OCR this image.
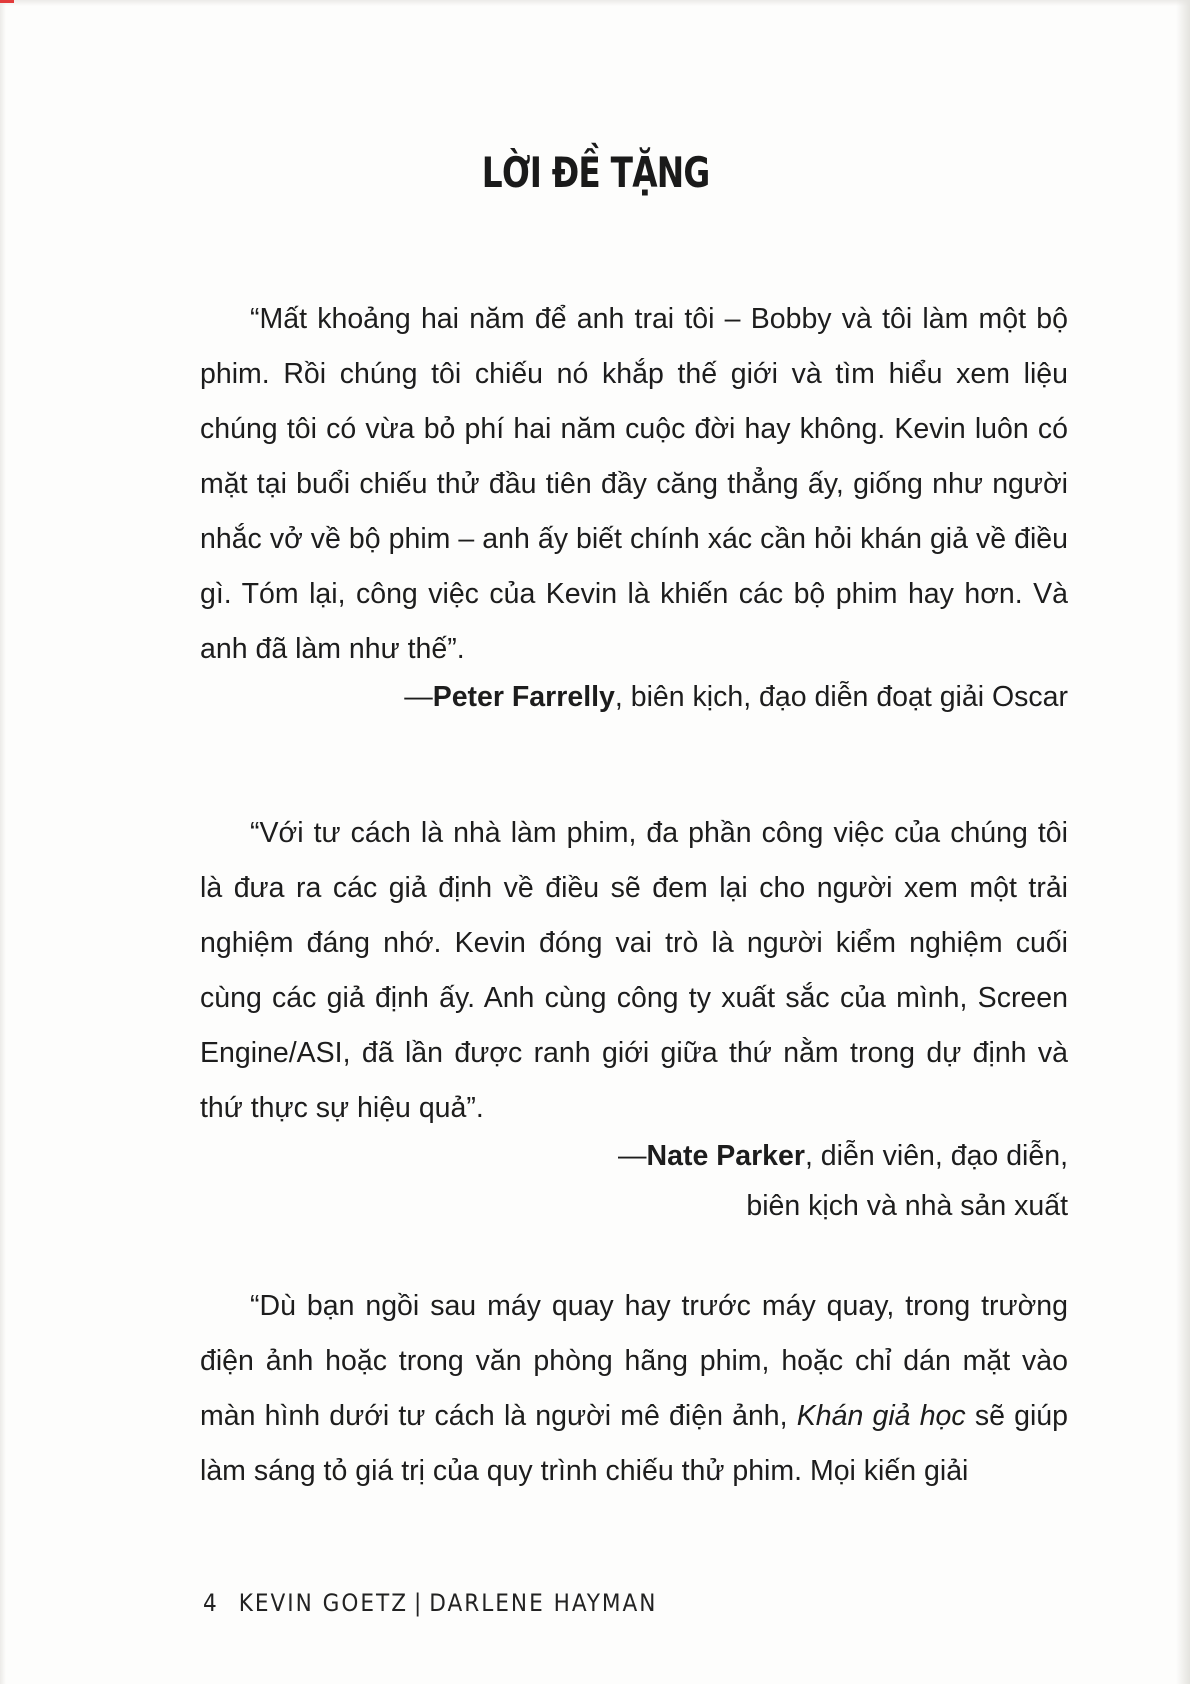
LỜI ĐỀ TẶNG

“Mất khoảng hai năm để anh trai tôi – Bobby và tôi làm một bộ phim. Rồi chúng tôi chiếu nó khắp thế giới và tìm hiểu xem liệu chúng tôi có vừa bỏ phí hai năm cuộc đời hay không. Kevin luôn có mặt tại buổi chiếu thử đầu tiên đầy căng thẳng ấy, giống như người nhắc vở về bộ phim – anh ấy biết chính xác cần hỏi khán giả về điều gì. Tóm lại, công việc của Kevin là khiến các bộ phim hay hơn. Và anh đã làm như thế”.

—Peter Farrelly, biên kịch, đạo diễn đoạt giải Oscar

“Với tư cách là nhà làm phim, đa phần công việc của chúng tôi là đưa ra các giả định về điều sẽ đem lại cho người xem một trải nghiệm đáng nhớ. Kevin đóng vai trò là người kiểm nghiệm cuối cùng các giả định ấy. Anh cùng công ty xuất sắc của mình, Screen Engine/ASI, đã lần được ranh giới giữa thứ nằm trong dự định và thứ thực sự hiệu quả”.

—Nate Parker, diễn viên, đạo diễn,

biên kịch và nhà sản xuất

“Dù bạn ngồi sau máy quay hay trước máy quay, trong trường điện ảnh hoặc trong văn phòng hãng phim, hoặc chỉ dán mặt vào màn hình dưới tư cách là người mê điện ảnh, Khán giả học sẽ giúp làm sáng tỏ giá trị của quy trình chiếu thử phim. Mọi kiến giải

4 KEVIN GOETZ | DARLENE HAYMAN
